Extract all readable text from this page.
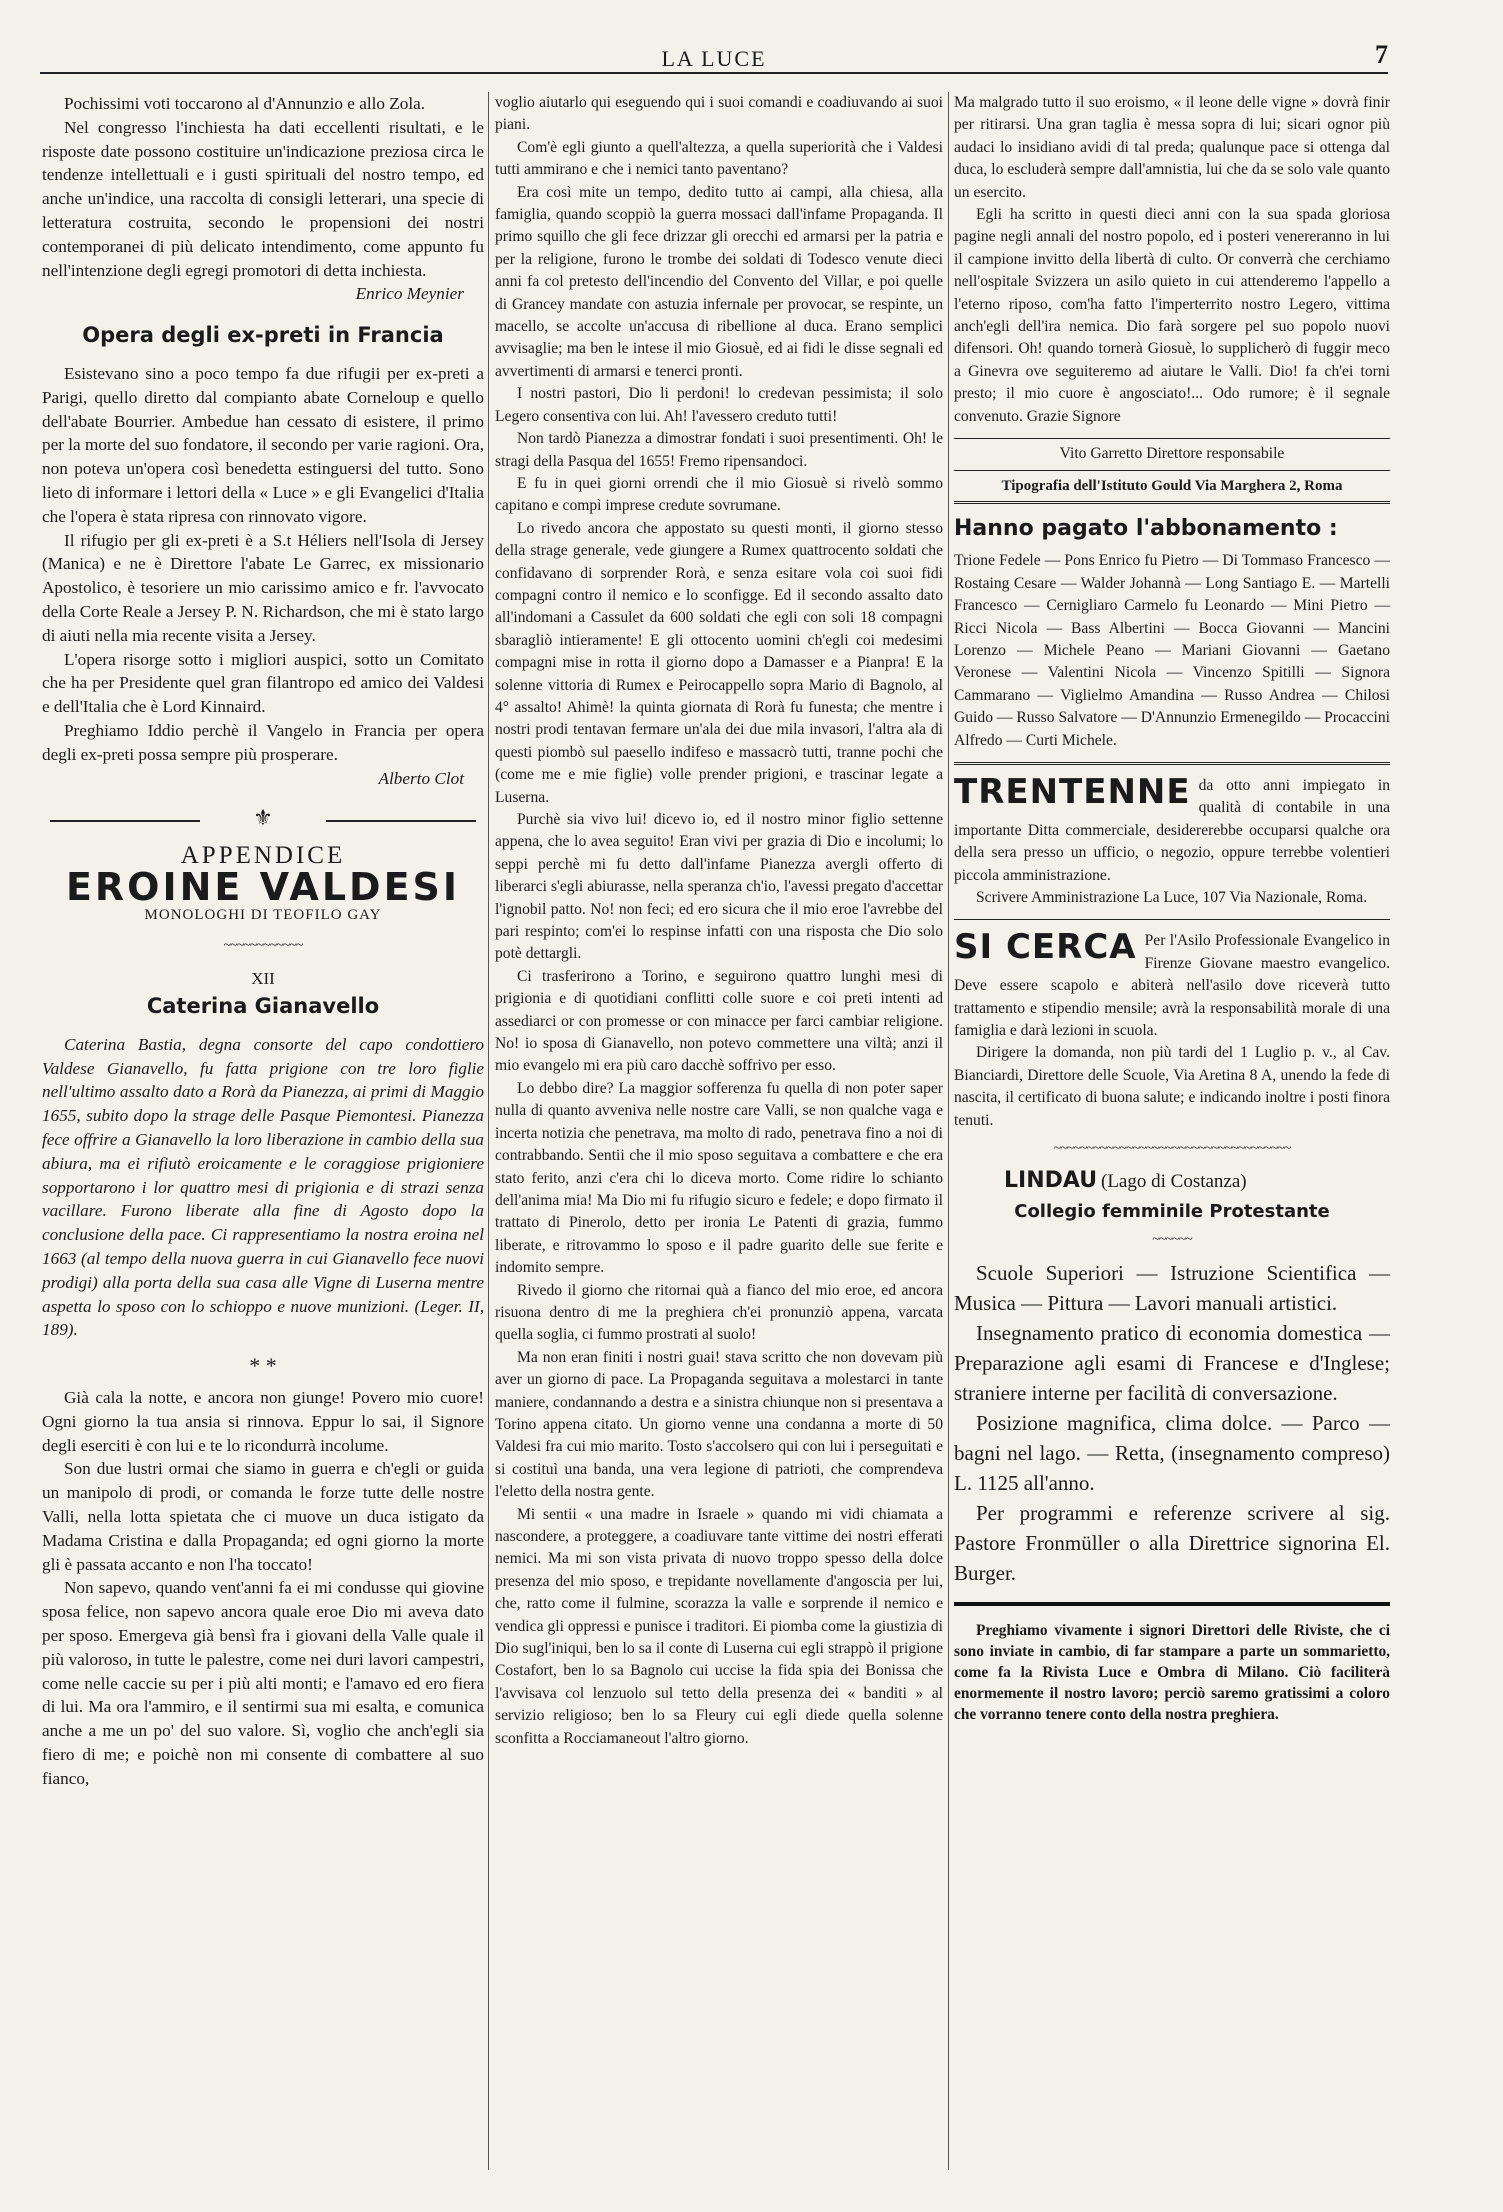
LA LUCE	7

Pochissimi voti toccarono al d'Annunzio e allo Zola.

Nel congresso l'inchiesta ha dati eccellenti risultati, e le risposte date possono costituire un'indicazione preziosa circa le tendenze intellettuali e i gusti spirituali del nostro tempo, ed anche un'indice, una raccolta di consigli letterari, una specie di letteratura costruita, secondo le propensioni dei nostri contemporanei di più delicato intendimento, come appunto fu nell'intenzione degli egregi promotori di detta inchiesta.

Enrico Meynier
Opera degli ex-preti in Francia

Esistevano sino a poco tempo fa due rifugii per ex-preti a Parigi, quello diretto dal compianto abate Corneloup e quello dell'abate Bourrier. Ambedue han cessato di esistere, il primo per la morte del suo fondatore, il secondo per varie ragioni. Ora, non poteva un'opera così benedetta estinguersi del tutto. Sono lieto di informare i lettori della « Luce » e gli Evangelici d'Italia che l'opera è stata ripresa con rinnovato vigore.

Il rifugio per gli ex-preti è a S.t Héliers nell'Isola di Jersey (Manica) e ne è Direttore l'abate Le Garrec, ex missionario Apostolico, è tesoriere un mio carissimo amico e fr. l'avvocato della Corte Reale a Jersey P. N. Richardson, che mi è stato largo di aiuti nella mia recente visita a Jersey.

L'opera risorge sotto i migliori auspici, sotto un Comitato che ha per Presidente quel gran filantropo ed amico dei Valdesi e dell'Italia che è Lord Kinnaird.

Preghiamo Iddio perchè il Vangelo in Francia per opera degli ex-preti possa sempre più prosperare.

Alberto Clot
⚜
APPENDICE
EROINE VALDESI
MONOLOGHI DI TEOFILO GAY
~~~~~~~~~~~~
XII
Caterina Gianavello

Caterina Bastia, degna consorte del capo condottiero Valdese Gianavello, fu fatta prigione con tre loro figlie nell'ultimo assalto dato a Rorà da Pianezza, ai primi di Maggio 1655, subito dopo la strage delle Pasque Piemontesi. Pianezza fece offrire a Gianavello la loro liberazione in cambio della sua abiura, ma ei rifiutò eroicamente e le coraggiose prigioniere sopportarono i lor quattro mesi di prigionia e di strazi senza vacillare. Furono liberate alla fine di Agosto dopo la conclusione della pace. Ci rappresentiamo la nostra eroina nel 1663 (al tempo della nuova guerra in cui Gianavello fece nuovi prodigi) alla porta della sua casa alle Vigne di Luserna mentre aspetta lo sposo con lo schioppo e nuove munizioni. (Leger. II, 189).

* *

Già cala la notte, e ancora non giunge! Povero mio cuore! Ogni giorno la tua ansia si rinnova. Eppur lo sai, il Signore degli eserciti è con lui e te lo ricondurrà incolume.

Son due lustri ormai che siamo in guerra e ch'egli or guida un manipolo di prodi, or comanda le forze tutte delle nostre Valli, nella lotta spietata che ci muove un duca istigato da Madama Cristina e dalla Propaganda; ed ogni giorno la morte gli è passata accanto e non l'ha toccato!

Non sapevo, quando vent'anni fa ei mi condusse qui giovine sposa felice, non sapevo ancora quale eroe Dio mi aveva dato per sposo. Emergeva già bensì fra i giovani della Valle quale il più valoroso, in tutte le palestre, come nei duri lavori campestri, come nelle caccie su per i più alti monti; e l'amavo ed ero fiera di lui. Ma ora l'ammiro, e il sentirmi sua mi esalta, e comunica anche a me un po' del suo valore. Sì, voglio che anch'egli sia fiero di me; e poichè non mi consente di combattere al suo fianco,

voglio aiutarlo qui eseguendo qui i suoi comandi e coadiuvando ai suoi piani.

Com'è egli giunto a quell'altezza, a quella superiorità che i Valdesi tutti ammirano e che i nemici tanto paventano?

Era così mite un tempo, dedito tutto ai campi, alla chiesa, alla famiglia, quando scoppiò la guerra mossaci dall'infame Propaganda. Il primo squillo che gli fece drizzar gli orecchi ed armarsi per la patria e per la religione, furono le trombe dei soldati di Todesco venute dieci anni fa col pretesto dell'incendio del Convento del Villar, e poi quelle di Grancey mandate con astuzia infernale per provocar, se respinte, un macello, se accolte un'accusa di ribellione al duca. Erano semplici avvisaglie; ma ben le intese il mio Giosuè, ed ai fidi le disse segnali ed avvertimenti di armarsi e tenerci pronti.

I nostri pastori, Dio li perdoni! lo credevan pessimista; il solo Legero consentiva con lui. Ah! l'avessero creduto tutti!

Non tardò Pianezza a dimostrar fondati i suoi presentimenti. Oh! le stragi della Pasqua del 1655! Fremo ripensandoci.

E fu in quei giorni orrendi che il mio Giosuè si rivelò sommo capitano e compì imprese credute sovrumane.

Lo rivedo ancora che appostato su questi monti, il giorno stesso della strage generale, vede giungere a Rumex quattrocento soldati che confidavano di sorprender Rorà, e senza esitare vola coi suoi fidi compagni contro il nemico e lo sconfigge. Ed il secondo assalto dato all'indomani a Cassulet da 600 soldati che egli con soli 18 compagni sbaragliò intieramente! E gli ottocento uomini ch'egli coi medesimi compagni mise in rotta il giorno dopo a Damasser e a Pianpra! E la solenne vittoria di Rumex e Peirocappello sopra Mario di Bagnolo, al 4° assalto! Ahimè! la quinta giornata di Rorà fu funesta; che mentre i nostri prodi tentavan fermare un'ala dei due mila invasori, l'altra ala di questi piombò sul paesello indifeso e massacrò tutti, tranne pochi che (come me e mie figlie) volle prender prigioni, e trascinar legate a Luserna.

Purchè sia vivo lui! dicevo io, ed il nostro minor figlio settenne appena, che lo avea seguito! Eran vivi per grazia di Dio e incolumi; lo seppi perchè mi fu detto dall'infame Pianezza avergli offerto di liberarci s'egli abiurasse, nella speranza ch'io, l'avessi pregato d'accettar l'ignobil patto. No! non feci; ed ero sicura che il mio eroe l'avrebbe del pari respinto; com'ei lo respinse infatti con una risposta che Dio solo potè dettargli.

Ci trasferirono a Torino, e seguirono quattro lunghi mesi di prigionia e di quotidiani conflitti colle suore e coi preti intenti ad assediarci or con promesse or con minacce per farci cambiar religione. No! io sposa di Gianavello, non potevo commettere una viltà; anzi il mio evangelo mi era più caro dacchè soffrivo per esso.

Lo debbo dire? La maggior sofferenza fu quella di non poter saper nulla di quanto avveniva nelle nostre care Valli, se non qualche vaga e incerta notizia che penetrava, ma molto di rado, penetrava fino a noi di contrabbando. Sentii che il mio sposo seguitava a combattere e che era stato ferito, anzi c'era chi lo diceva morto. Come ridire lo schianto dell'anima mia! Ma Dio mi fu rifugio sicuro e fedele; e dopo firmato il trattato di Pinerolo, detto per ironia Le Patenti di grazia, fummo liberate, e ritrovammo lo sposo e il padre guarito delle sue ferite e indomito sempre.

Rivedo il giorno che ritornai quà a fianco del mio eroe, ed ancora risuona dentro di me la preghiera ch'ei pronunziò appena, varcata quella soglia, ci fummo prostrati al suolo!

Ma non eran finiti i nostri guai! stava scritto che non dovevam più aver un giorno di pace. La Propaganda seguitava a molestarci in tante maniere, condannando a destra e a sinistra chiunque non si presentava a Torino appena citato. Un giorno venne una condanna a morte di 50 Valdesi fra cui mio marito. Tosto s'accolsero qui con lui i perseguitati e si costituì una banda, una vera legione di patrioti, che comprendeva l'eletto della nostra gente.

Mi sentii « una madre in Israele » quando mi vidi chiamata a nascondere, a proteggere, a coadiuvare tante vittime dei nostri efferati nemici. Ma mi son vista privata di nuovo troppo spesso della dolce presenza del mio sposo, e trepidante novellamente d'angoscia per lui, che, ratto come il fulmine, scorazza la valle e sorprende il nemico e vendica gli oppressi e punisce i traditori. Ei piomba come la giustizia di Dio sugl'iniqui, ben lo sa il conte di Luserna cui egli strappò il prigione Costafort, ben lo sa Bagnolo cui uccise la fida spia dei Bonissa che l'avvisava col lenzuolo sul tetto della presenza dei « banditi » al servizio religioso; ben lo sa Fleury cui egli diede quella solenne sconfitta a Rocciamaneout l'altro giorno.

Ma malgrado tutto il suo eroismo, « il leone delle vigne » dovrà finir per ritirarsi. Una gran taglia è messa sopra di lui; sicari ognor più audaci lo insidiano avidi di tal preda; qualunque pace si ottenga dal duca, lo escluderà sempre dall'amnistia, lui che da se solo vale quanto un esercito.

Egli ha scritto in questi dieci anni con la sua spada gloriosa pagine negli annali del nostro popolo, ed i posteri venereranno in lui il campione invitto della libertà di culto. Or converrà che cerchiamo nell'ospitale Svizzera un asilo quieto in cui attenderemo l'appello a l'eterno riposo, com'ha fatto l'imperterrito nostro Legero, vittima anch'egli dell'ira nemica. Dio farà sorgere pel suo popolo nuovi difensori. Oh! quando tornerà Giosuè, lo supplicherò di fuggir meco a Ginevra ove seguiteremo ad aiutare le Valli. Dio! fa ch'ei torni presto; il mio cuore è angosciato!... Odo rumore; è il segnale convenuto. Grazie Signore

Vito Garretto Direttore responsabile
Tipografia dell'Istituto Gould Via Marghera 2, Roma
Hanno pagato l'abbonamento :

Trione Fedele — Pons Enrico fu Pietro — Di Tommaso Francesco — Rostaing Cesare — Walder Johannà — Long Santiago E. — Martelli Francesco — Cernigliaro Carmelo fu Leonardo — Mini Pietro — Ricci Nicola — Bass Albertini — Bocca Giovanni — Mancini Lorenzo — Michele Peano — Mariani Giovanni — Gaetano Veronese — Valentini Nicola — Vincenzo Spitilli — Signora Cammarano — Viglielmo Amandina — Russo Andrea — Chilosi Guido — Russo Salvatore — D'Annunzio Ermenegildo — Procaccini Alfredo — Curti Michele.

TRENTENNE da otto anni impiegato in qualità di contabile in una importante Ditta commerciale, desidererebbe occuparsi qualche ora della sera presso un ufficio, o negozio, oppure terrebbe volentieri piccola amministrazione.

Scrivere Amministrazione La Luce, 107 Via Nazionale, Roma.

SI CERCA Per l'Asilo Professionale Evangelico in Firenze Giovane maestro evangelico. Deve essere scapolo e abiterà nell'asilo dove riceverà tutto trattamento e stipendio mensile; avrà la responsabilità morale di una famiglia e darà lezioni in scuola.

Dirigere la domanda, non più tardi del 1 Luglio p. v., al Cav. Bianciardi, Direttore delle Scuole, Via Aretina 8 A, unendo la fede di nascita, il certificato di buona salute; e indicando inoltre i posti finora tenuti.

~~~~~~~~~~~~~~~~~~~~~~~~~~~~~~~~~~~~
LINDAU (Lago di Costanza)
Collegio femminile Protestante
~~~~~~

Scuole Superiori — Istruzione Scientifica — Musica — Pittura — Lavori manuali artistici.

Insegnamento pratico di economia domestica — Preparazione agli esami di Francese e d'Inglese; straniere interne per facilità di conversazione.

Posizione magnifica, clima dolce. — Parco — bagni nel lago. — Retta, (insegnamento compreso) L. 1125 all'anno.

Per programmi e referenze scrivere al sig. Pastore Fronmüller o alla Direttrice signorina El. Burger.

Preghiamo vivamente i signori Direttori delle Riviste, che ci sono inviate in cambio, di far stampare a parte un sommarietto, come fa la Rivista Luce e Ombra di Milano. Ciò faciliterà enormemente il nostro lavoro; perciò saremo gratissimi a coloro che vorranno tenere conto della nostra preghiera.
